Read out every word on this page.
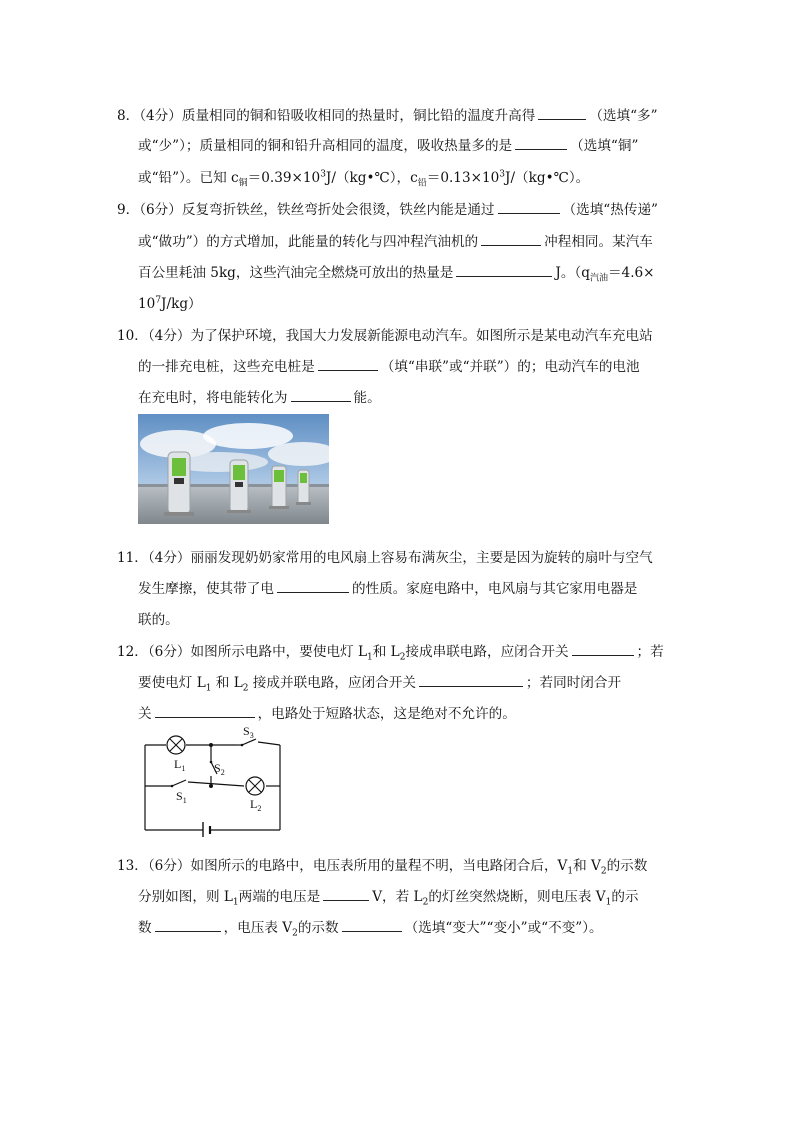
8．（4分）质量相同的铜和铅吸收相同的热量时，铜比铅的温度升高得	（选填“多”
或“少”）；质量相同的铜和铅升高相同的温度，吸收热量多的是	（选填“铜”
或“铅”）。已知 $c_铜=0.39\times 10^3J/(kg•℃)$，$c_铅=0.13\times 10^3J/(kg•℃)$。
9．（6分）反复弯折铁丝，铁丝弯折处会很烫，铁丝内能是通过	（选填“热传递”
或“做功”）的方式增加，此能量的转化与四冲程汽油机的	冲程相同。某汽车
百公里耗油 5kg，这些汽油完全燃烧可放出的热量是	J。（$q_{汽油}=4.6\times$
$10^7J/kg$）
10．（4分）为了保护环境，我国大力发展新能源电动汽车。如图所示是某电动汽车充电站
的一排充电桩，这些充电桩是	（填“串联”或“并联”）的；电动汽车的电池
在充电时，将电能转化为	能。
11．（4分）丽丽发现奶奶家常用的电风扇上容易布满灰尘，主要是因为旋转的扇叶与空气
发生摩擦，使其带了电	的性质。家庭电路中，电风扇与其它家用电器是
联的。
12．（6分）如图所示电路中，要使电灯 $L_1$和 $L_2$接成串联电路，应闭合开关	；若
要使电灯 $L_1$ 和 $L_2$ 接成并联电路，应闭合开关	；若同时闭合开
关	，电路处于短路状态，这是绝对不允许的。
$S_3$
$L_1$ $S_2$
$S_1$	$L_2$
13．（6分）如图所示的电路中，电压表所用的量程不明，当电路闭合后，$V_1$和 $V_2$的示数
分别如图，则 $L_1$两端的电压是	V，若 $L_2$的灯丝突然烧断，则电压表 $V_1$的示
数	，电压表 $V_2$的示数	（选填“变大”“变小”或“不变”）。
